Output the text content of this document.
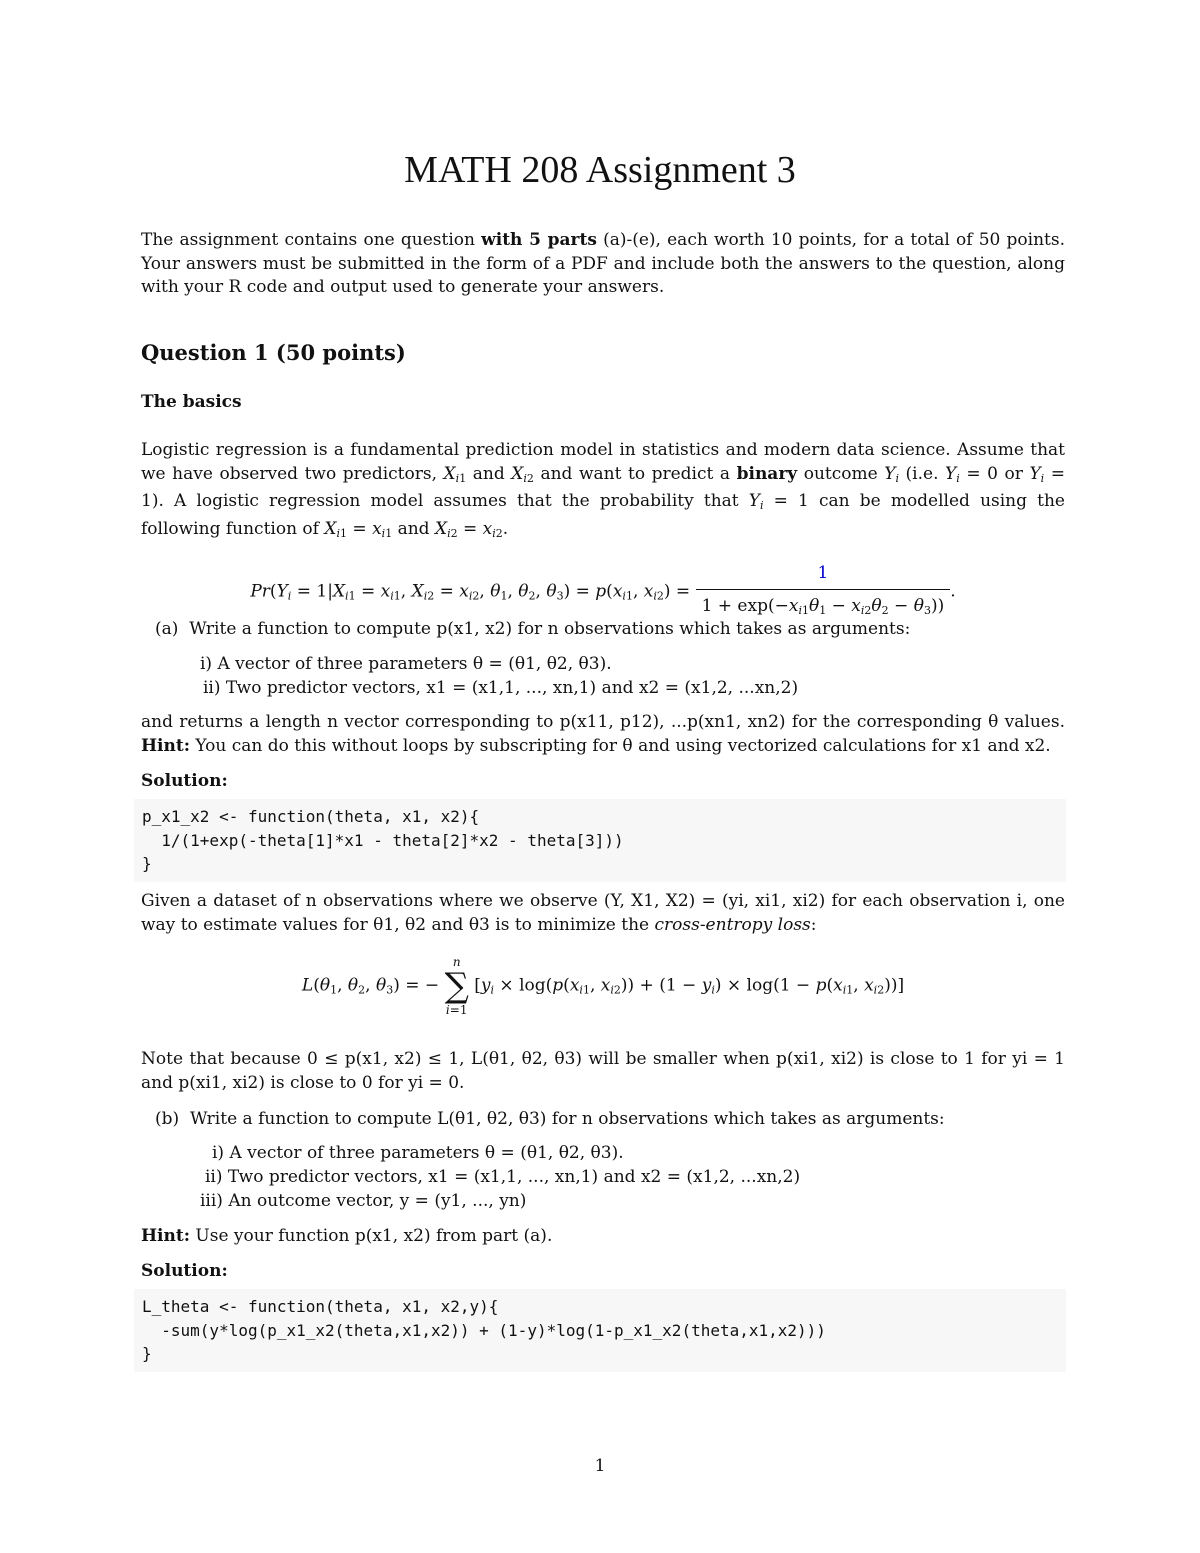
MATH 208 Assignment 3
The assignment contains one question with 5 parts (a)-(e), each worth 10 points, for a total of 50 points. Your answers must be submitted in the form of a PDF and include both the answers to the question, along with your R code and output used to generate your answers.
Question 1 (50 points)
The basics
Logistic regression is a fundamental prediction model in statistics and modern data science. Assume that we have observed two predictors, $X_{i1}$ and $X_{i2}$ and want to predict a binary outcome $Y_i$ (i.e. $Y_i = 0$ or $Y_i = 1$). A logistic regression model assumes that the probability that $Y_i = 1$ can be modelled using the following function of $X_{i1} = x_{i1}$ and $X_{i2} = x_{i2}$.
$Pr(Y_i = 1|X_{i1} = x_{i1}$, $X_{i2} = x_{i2}$, $\theta_1$, $\theta_2$, $\theta_3) = p(x_{i1}$, $x_{i2}) = \frac{1}{1 + \exp(-x_{i1}\theta_1 - x_{i2}\theta_2 - \theta_3))}$ .
(a) Write a function to compute p(x1, x2) for n observations which takes as arguments:
i) A vector of three parameters θ = (θ1, θ2, θ3).
ii) Two predictor vectors, x1 = (x1,1, ..., xn,1) and x2 = (x1,2, ...xn,2)
and returns a length n vector corresponding to p(x11, p12), ...p(xn1, xn2) for the corresponding θ values. Hint: You can do this without loops by subscripting for θ and using vectorized calculations for x1 and x2.
Solution:
p_x1_x2 <- function(theta, x1, x2){
1/(1+exp(-theta[1]*x1 - theta[2]*x2 - theta[3]))
}
Given a dataset of n observations where we observe (Y, X1, X2) = (yi, xi1, xi2) for each observation i, one way to estimate values for θ1, θ2 and θ3 is to minimize the cross-entropy loss:
$L(\theta_1$, $\theta_2$, $\theta_3$) = −
n
∑
i=1
[$y_i \times \log(p(x_{i1}$, $x_{i2})) + (1 - y_i) \times \log(1 - p(x_{i1}$, $x_{i2}$))]
Note that because 0 ≤ p(x1, x2) ≤ 1, L(θ1, θ2, θ3) will be smaller when p(xi1, xi2) is close to 1 for yi = 1 and p(xi1, xi2) is close to 0 for yi = 0.
(b) Write a function to compute L(θ1, θ2, θ3) for n observations which takes as arguments:
i) A vector of three parameters θ = (θ1, θ2, θ3).
ii) Two predictor vectors, x1 = (x1,1, ..., xn,1) and x2 = (x1,2, ...xn,2)
iii) An outcome vector, y = (y1, ..., yn)
Hint: Use your function p(x1, x2) from part (a).
Solution:
L_theta <- function(theta, x1, x2,y){
-sum(y*log(p_x1_x2(theta,x1,x2)) + (1-y)*log(1-p_x1_x2(theta,x1,x2)))
}
1
